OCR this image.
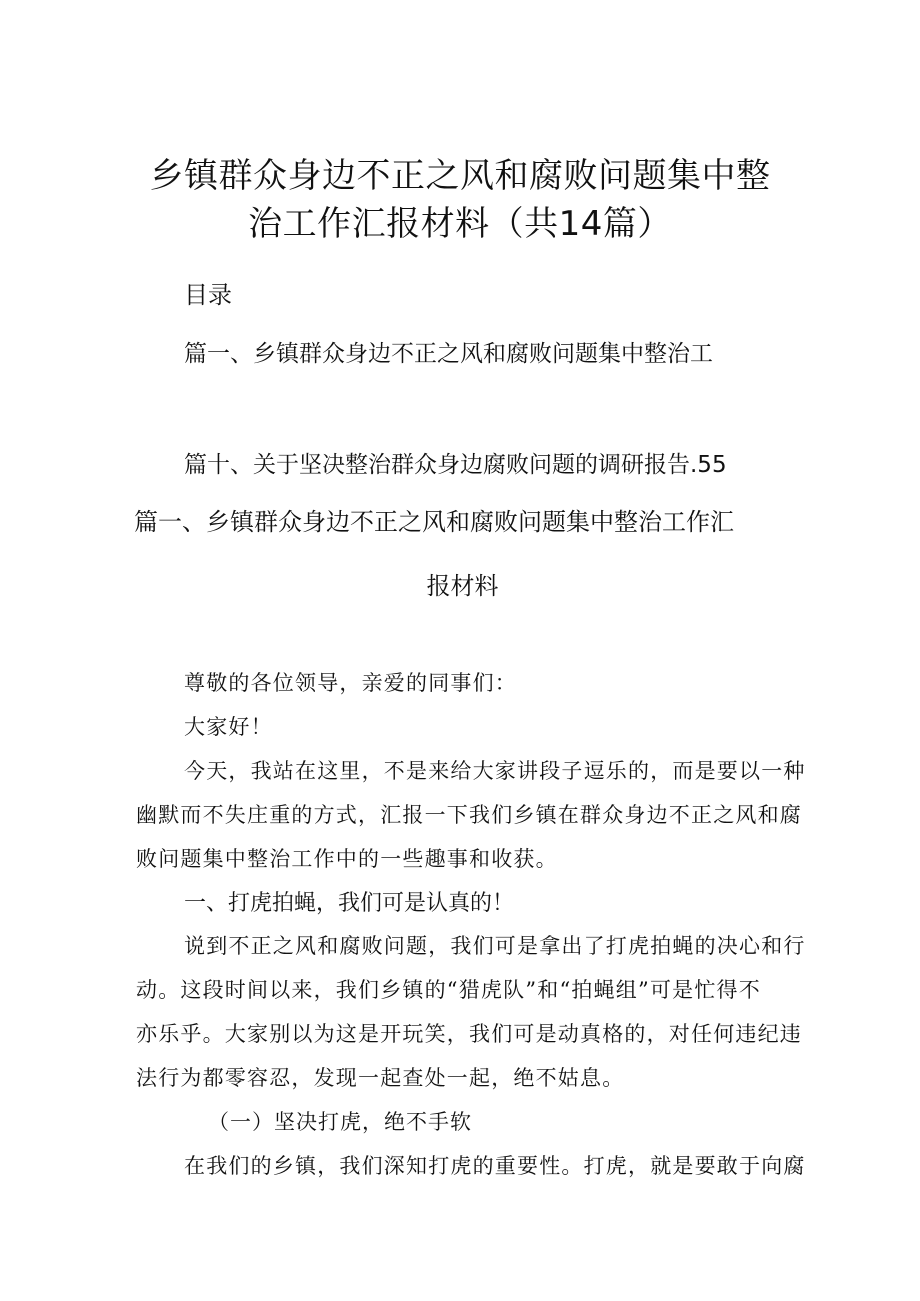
乡镇群众身边不正之风和腐败问题集中整
治工作汇报材料（共14篇）
目录
篇一、乡镇群众身边不正之风和腐败问题集中整治工
篇十、关于坚决整治群众身边腐败问题的调研报告.55
篇一、乡镇群众身边不正之风和腐败问题集中整治工作汇
报材料
尊敬的各位领导，亲爱的同事们：
大家好！
今天，我站在这里，不是来给大家讲段子逗乐的，而是要以一种
幽默而不失庄重的方式，汇报一下我们乡镇在群众身边不正之风和腐
败问题集中整治工作中的一些趣事和收获。
一、打虎拍蝇，我们可是认真的！
说到不正之风和腐败问题，我们可是拿出了打虎拍蝇的决心和行
动。这段时间以来，我们乡镇的“猎虎队”和“拍蝇组”可是忙得不
亦乐乎。大家别以为这是开玩笑，我们可是动真格的，对任何违纪违
法行为都零容忍，发现一起查处一起，绝不姑息。
（一）坚决打虎，绝不手软
在我们的乡镇，我们深知打虎的重要性。打虎，就是要敢于向腐
